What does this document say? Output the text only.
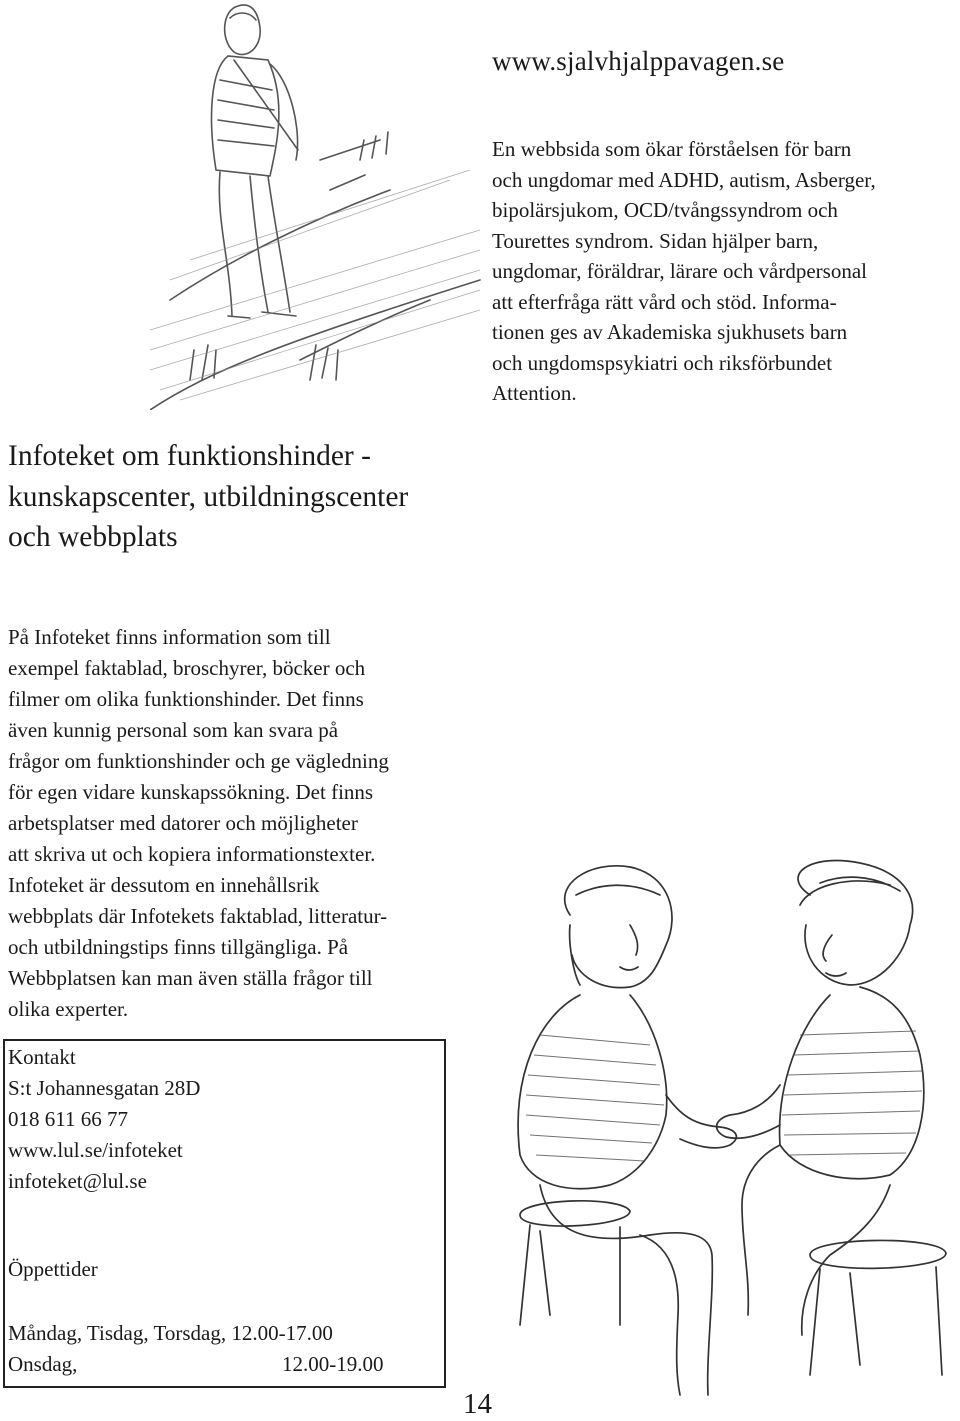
www.sjalvhjalppavagen.se
En webbsida som ökar förståelsen för barn
och ungdomar med ADHD, autism, Asberger,
bipolärsjukom, OCD/tvångssyndrom och
Tourettes syndrom. Sidan hjälper barn,
ungdomar, föräldrar, lärare och vårdpersonal
att efterfråga rätt vård och stöd. Informa-
tionen ges av Akademiska sjukhusets barn
och ungdomspsykiatri och riksförbundet
Attention.
Infoteket om funktionshinder -
kunskapscenter, utbildningscenter
och webbplats
På Infoteket finns information som till
exempel faktablad, broschyrer, böcker och
filmer om olika funktionshinder. Det finns
även kunnig personal som kan svara på
frågor om funktionshinder och ge vägledning
för egen vidare kunskapssökning. Det finns
arbetsplatser med datorer och möjligheter
att skriva ut och kopiera informationstexter.
Infoteket är dessutom en innehållsrik
webbplats där Infotekets faktablad, litteratur-
och utbildningstips finns tillgängliga. På
Webbplatsen kan man även ställa frågor till
olika experter.
Kontakt
S:t Johannesgatan 28D
018 611 66 77
www.lul.se/infoteket
infoteket@lul.se
Öppettider
Måndag, Tisdag, Torsdag, 12.00-17.00
Onsdag,	12.00-19.00
14
